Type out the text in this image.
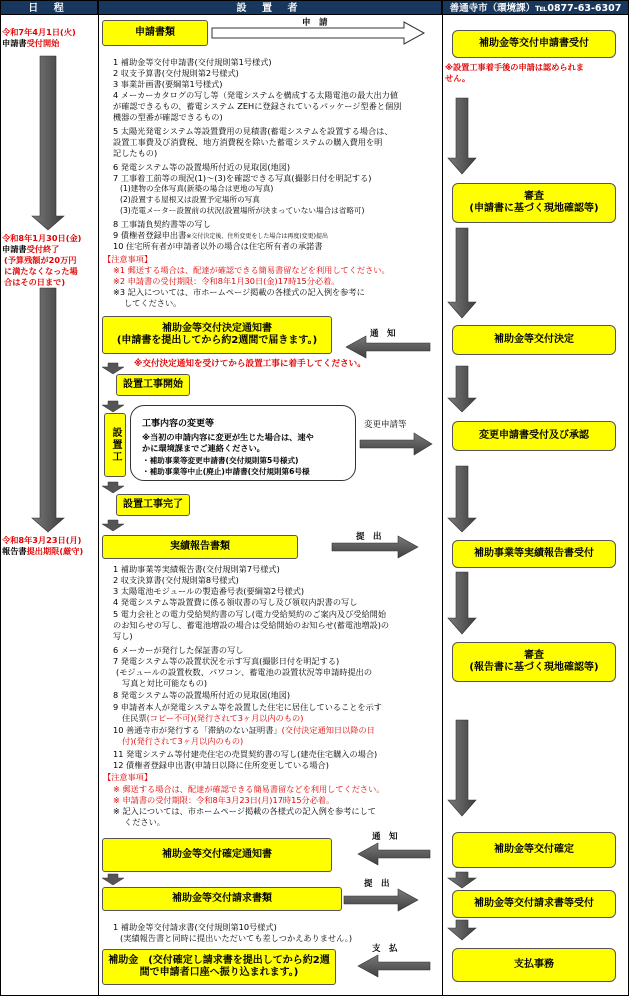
日 程	設 置 者	善通寺市（環境課）℡0877-63-6307
令和7年4月1日(火)
申請書受付開始
令和8年1月30日(金)
申請書受付終了
(予算残額が20万円
に満たなくなった場
合はその日まで)
令和8年3月23日(月)
報告書提出期限(厳守)
申請書類
申　請
1 補助金等交付申請書(交付規則第1号様式)
2 収支予算書(交付規則第2号様式)
3 事業計画書(要綱第1号様式)
4 メーカーカタログの写し等（発電システムを構成する太陽電池の最大出力値
が確認できるもの、蓄電システム ZEHに登録されているパッケージ型番と個別
機器の型番が確認できるもの)
5 太陽光発電システム等設置費用の見積書(蓄電システムを設置する場合は、
設置工事費及び消費税、地方消費税を除いた蓄電システムの購入費用を明
記したもの)
6 発電システム等の設置場所付近の見取図(地図)
7 工事着工前等の現況(1)～(3)を確認できる写真(撮影日付を明記する)
(1)建物の全体写真(新築の場合は更地の写真)
(2)設置する屋根又は設置予定場所の写真
(3)売電メーター設置前の状況(設置場所が決まっていない場合は省略可)
8 工事請負契約書等の写し
9 債権者登録申出書※交付決定後、住所変更をした場合は再度(変更)提出
10 住宅所有者が申請者以外の場合は住宅所有者の承諾書
【注意事項】
※1 郵送する場合は、配達が確認できる簡易書留などを利用してください。
※2 申請書の受付期限：令和8年1月30日(金)17時15分必着。
※3 記入については、市ホームページ掲載の各様式の記入例を参考に
してください。
補助金等交付決定通知書
(申請書を提出してから約2週間で届きます。)
通　知
※交付決定通知を受けてから設置工事に着手してください。
設置工事開始
設置工
工事内容の変更等
※当初の申請内容に変更が生じた場合は、速や
かに環境課までご連絡ください。
・補助事業等変更申請書(交付規則第5号様式)
・補助事業等中止(廃止)申請書(交付規則第6号様
変更申請等
設置工事完了
実績報告書類
提　出
1 補助事業等実績報告書(交付規則第7号様式)
2 収支決算書(交付規則第8号様式)
3 太陽電池モジュールの製造番号表(要綱第2号様式)
4 発電システム等設置費に係る領収書の写し及び領収内訳書の写し
5 電力会社との電力受給契約書の写し(電力受給契約のご案内及び受給開始
のお知らせの写し、蓄電池増設の場合は受給開始のお知らせ(蓄電池増設)の
写し)
6 メーカーが発行した保証書の写し
7 発電システム等の設置状況を示す写真(撮影日付を明記する)
(モジュールの設置枚数、パワコン、蓄電池の設置状況等申請時提出の
写真と対比可能なもの)
8 発電システム等の設置場所付近の見取図(地図)
9 申請者本人が発電システム等を設置した住宅に居住していることを示す
住民票(コピー不可)(発行されて3ヶ月以内のもの)
10 善通寺市が発行する「滞納のない証明書」(交付決定通知日以降の日
付)(発行されて3ヶ月以内のもの)
11 発電システム等付建売住宅の売買契約書の写し(建売住宅購入の場合)
12 債権者登録申出書(申請日以降に住所変更している場合)
【注意事項】
※ 郵送する場合は、配達が確認できる簡易書留などを利用してください。
※ 申請書の受付期限：令和8年3月23日(月)17時15分必着。
※ 記入については、市ホームページ掲載の各様式の記入例を参考にして
ください。
補助金等交付確定通知書
通　知
補助金等交付請求書類
提　出
1 補助金等交付請求書(交付規則第10号様式)
(実績報告書と同時に提出いただいても差しつかえありません。)
補助金　(交付確定し請求書を提出してから約2週
間で申請者口座へ振り込まれます。)
支　払
補助金等交付申請書受付
※設置工事着手後の申請は認められま
せん。
審査
(申請書に基づく現地確認等)
補助金等交付決定
変更申請書受付及び承認
補助事業等実績報告書受付
審査
(報告書に基づく現地確認等)
補助金等交付確定
補助金等交付請求書等受付
支払事務
